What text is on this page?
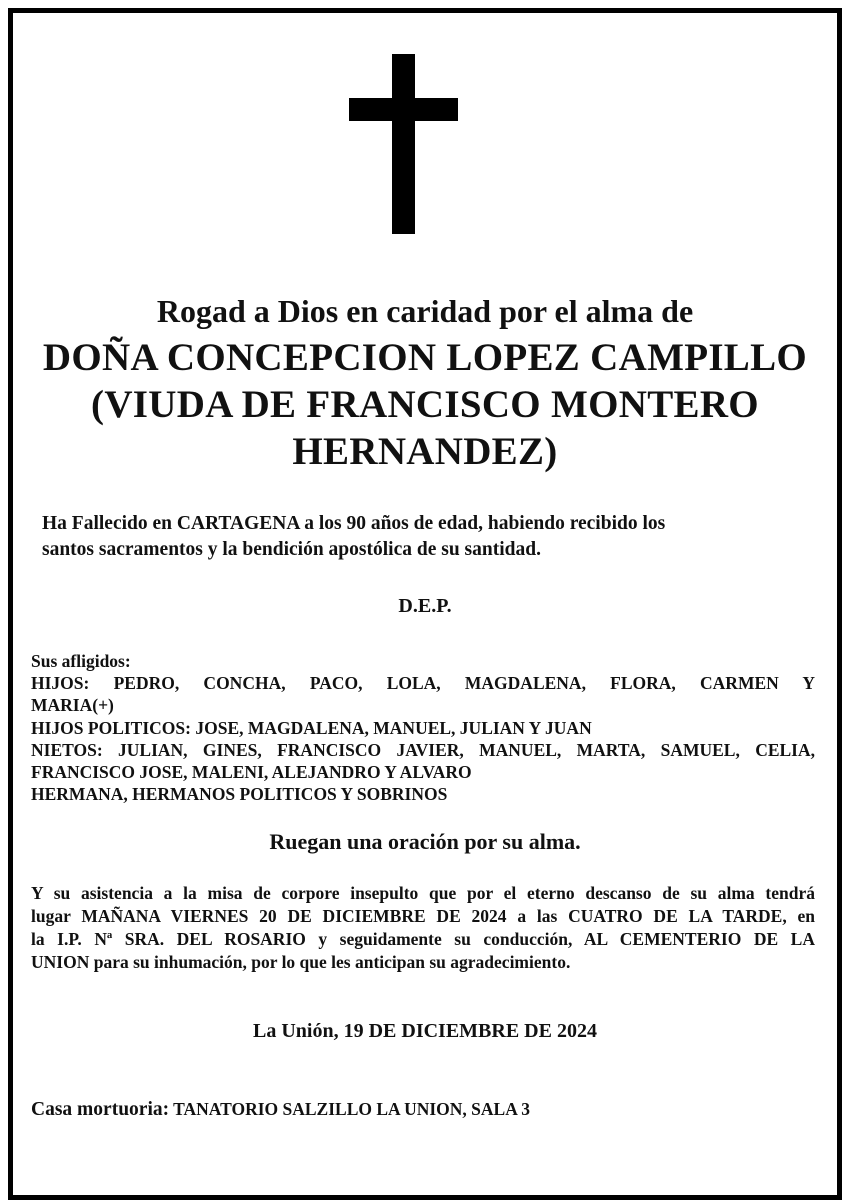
Rogad a Dios en caridad por el alma de
DOÑA CONCEPCION LOPEZ CAMPILLO
(VIUDA DE FRANCISCO MONTERO
HERNANDEZ)
Ha Fallecido en CARTAGENA a los 90 años de edad, habiendo recibido los
santos sacramentos y la bendición apostólica de su santidad.
D.E.P.
Sus afligidos:
HIJOS: PEDRO, CONCHA, PACO, LOLA, MAGDALENA, FLORA, CARMEN Y
MARIA(+)
HIJOS POLITICOS: JOSE, MAGDALENA, MANUEL, JULIAN Y JUAN
NIETOS: JULIAN, GINES, FRANCISCO JAVIER, MANUEL, MARTA, SAMUEL, CELIA,
FRANCISCO JOSE, MALENI, ALEJANDRO Y ALVARO
HERMANA, HERMANOS POLITICOS Y SOBRINOS
Ruegan una oración por su alma.
Y su asistencia a la misa de corpore insepulto que por el eterno descanso de su alma tendrá
lugar MAÑANA VIERNES 20 DE DICIEMBRE DE 2024 a las CUATRO DE LA TARDE, en
la I.P. Nª SRA. DEL ROSARIO y seguidamente su conducción, AL CEMENTERIO DE LA
UNION para su inhumación, por lo que les anticipan su agradecimiento.
La Unión, 19 DE DICIEMBRE DE 2024
Casa mortuoria: TANATORIO SALZILLO LA UNION, SALA 3
